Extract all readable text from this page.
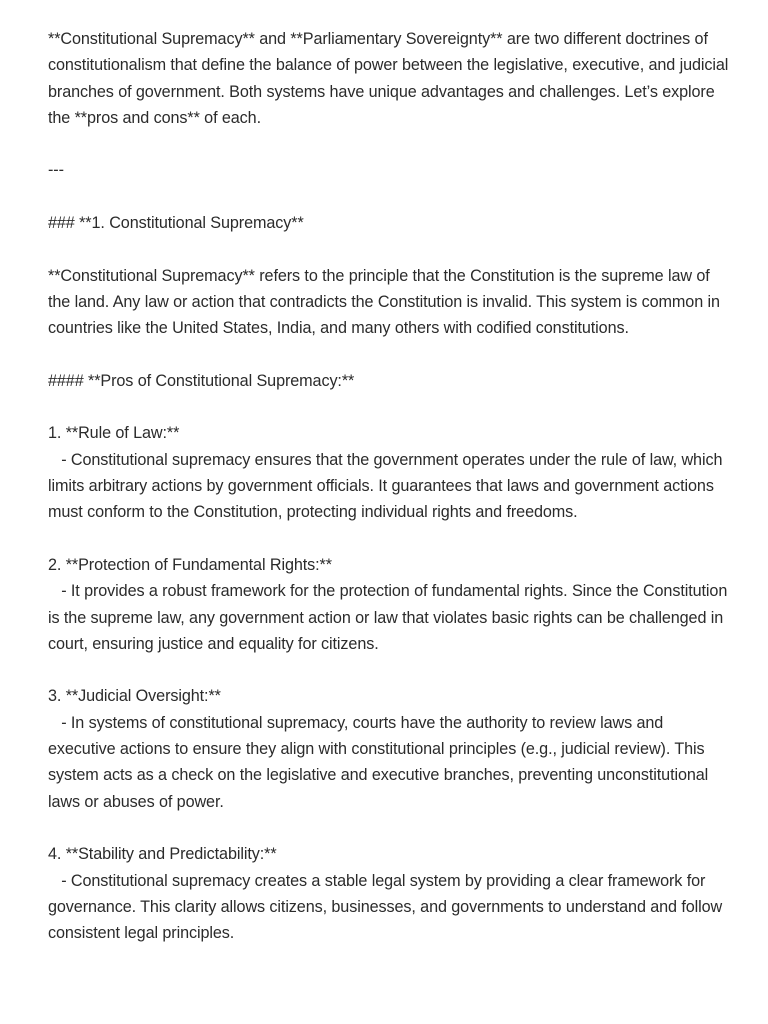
**Constitutional Supremacy** and **Parliamentary Sovereignty** are two different doctrines of constitutionalism that define the balance of power between the legislative, executive, and judicial branches of government. Both systems have unique advantages and challenges. Let’s explore the **pros and cons** of each.

---

### **1. Constitutional Supremacy**

**Constitutional Supremacy** refers to the principle that the Constitution is the supreme law of the land. Any law or action that contradicts the Constitution is invalid. This system is common in countries like the United States, India, and many others with codified constitutions.

#### **Pros of Constitutional Supremacy:**

1. **Rule of Law:**

- Constitutional supremacy ensures that the government operates under the rule of law, which limits arbitrary actions by government officials. It guarantees that laws and government actions must conform to the Constitution, protecting individual rights and freedoms.

2. **Protection of Fundamental Rights:**

- It provides a robust framework for the protection of fundamental rights. Since the Constitution is the supreme law, any government action or law that violates basic rights can be challenged in court, ensuring justice and equality for citizens.

3. **Judicial Oversight:**

- In systems of constitutional supremacy, courts have the authority to review laws and executive actions to ensure they align with constitutional principles (e.g., judicial review). This system acts as a check on the legislative and executive branches, preventing unconstitutional laws or abuses of power.

4. **Stability and Predictability:**

- Constitutional supremacy creates a stable legal system by providing a clear framework for governance. This clarity allows citizens, businesses, and governments to understand and follow consistent legal principles.
